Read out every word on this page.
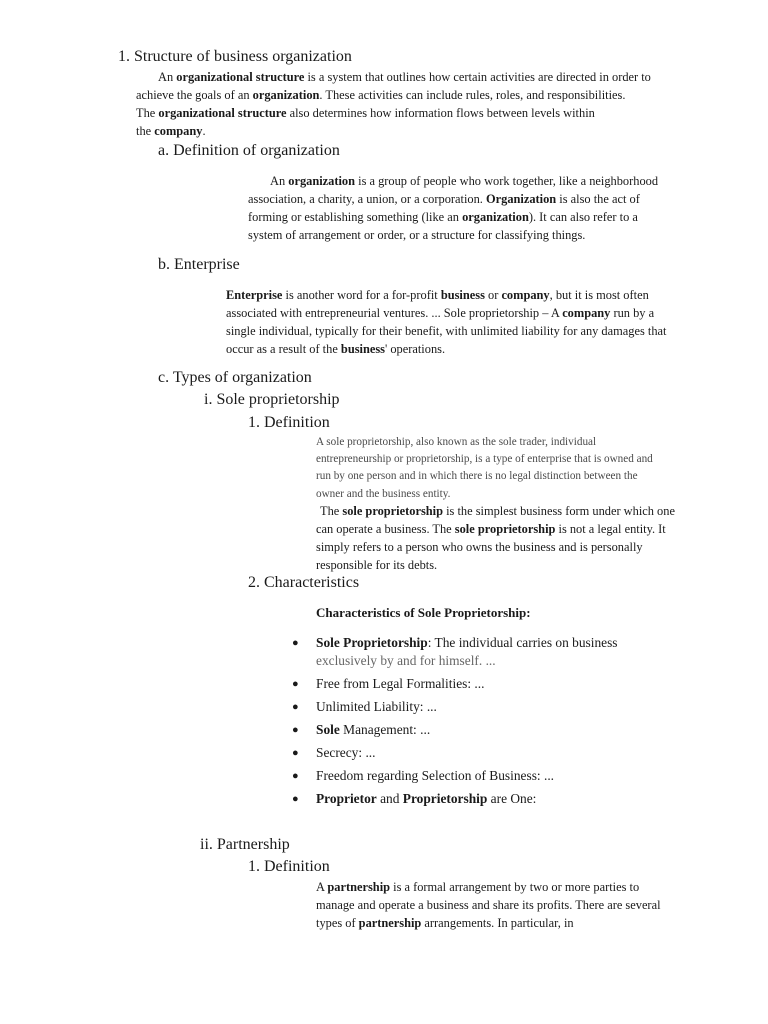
1. Structure of business organization
An organizational structure is a system that outlines how certain activities are directed in order to
achieve the goals of an organization. These activities can include rules, roles, and responsibilities.
The organizational structure also determines how information flows between levels within
the company.
a. Definition of organization
An organization is a group of people who work together, like a neighborhood
association, a charity, a union, or a corporation. Organization is also the act of
forming or establishing something (like an organization). It can also refer to a
system of arrangement or order, or a structure for classifying things.
b. Enterprise
Enterprise is another word for a for-profit business or company, but it is most often
associated with entrepreneurial ventures. ... Sole proprietorship – A company run by a
single individual, typically for their benefit, with unlimited liability for any damages that
occur as a result of the business' operations.
c. Types of organization
i. Sole proprietorship
1. Definition
A sole proprietorship, also known as the sole trader, individual
entrepreneurship or proprietorship, is a type of enterprise that is owned and
run by one person and in which there is no legal distinction between the
owner and the business entity.
The sole proprietorship is the simplest business form under which one
can operate a business. The sole proprietorship is not a legal entity. It
simply refers to a person who owns the business and is personally
responsible for its debts.
2. Characteristics
Characteristics of Sole Proprietorship:
● Sole Proprietorship: The individual carries on business
exclusively by and for himself. ...
● Free from Legal Formalities: ...
● Unlimited Liability: ...
● Sole Management: ...
● Secrecy: ...
● Freedom regarding Selection of Business: ...
● Proprietor and Proprietorship are One:
ii. Partnership
1. Definition
A partnership is a formal arrangement by two or more parties to
manage and operate a business and share its profits. There are several
types of partnership arrangements. In particular, in
